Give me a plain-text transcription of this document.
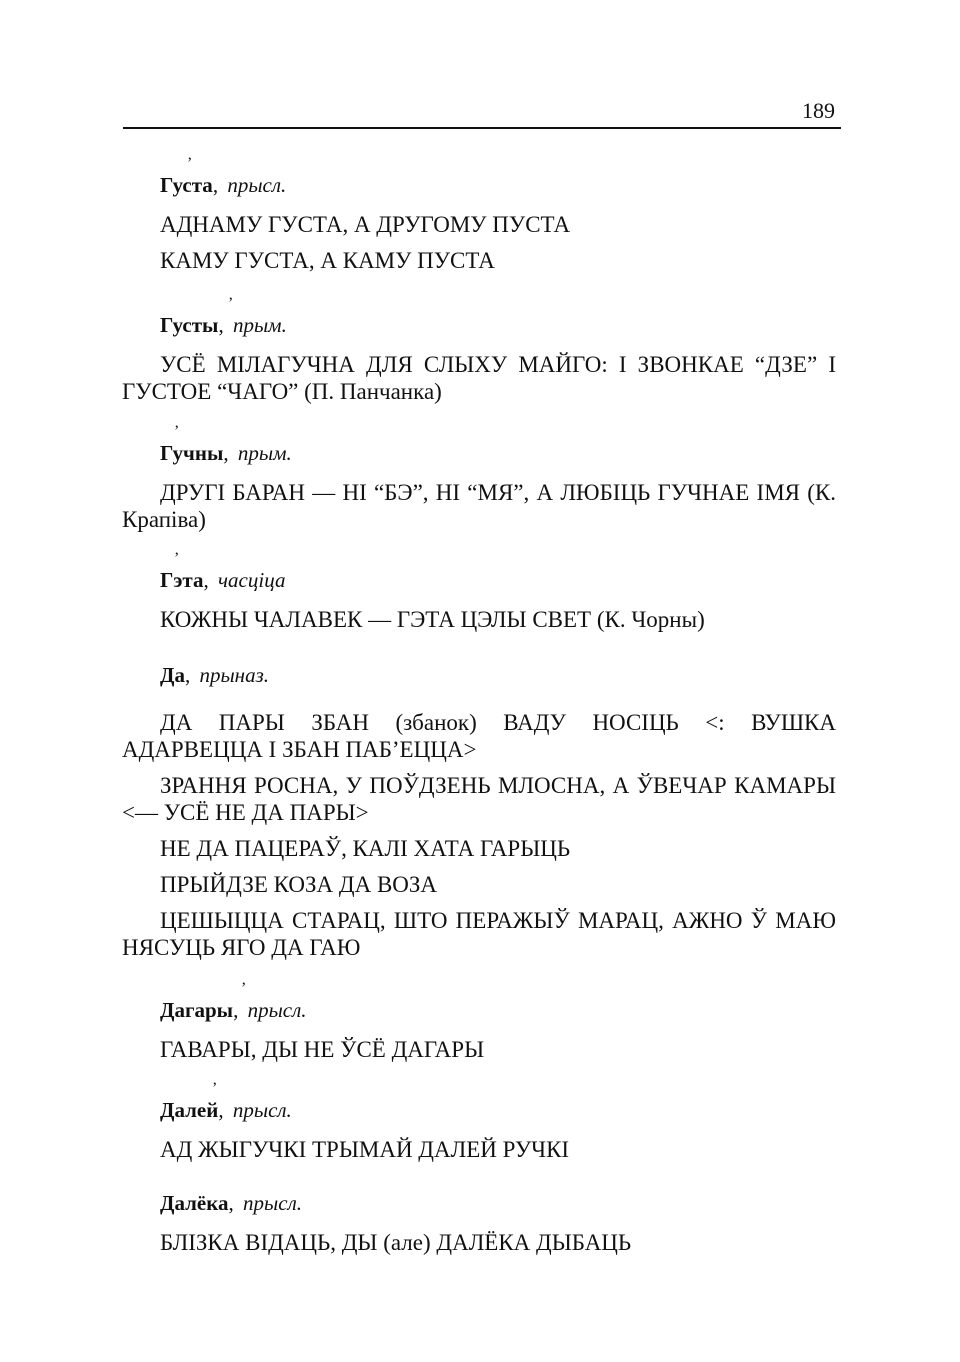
189

ʼ
Густа, прысл.

АДНАМУ ГУСТА, А ДРУГОМУ ПУСТА

КАМУ ГУСТА, А КАМУ ПУСТА

ʼ
Густы, прым.

УСЁ МІЛАГУЧНА ДЛЯ СЛЫХУ МАЙГО: І ЗВОНКАЕ “ДЗЕ” І ГУСТОЕ “ЧАГО” (П. Панчанка)

ʼ
Гучны, прым.

ДРУГІ БАРАН — НІ “БЭ”, НІ “МЯ”, А ЛЮБІЦЬ ГУЧНАЕ ІМЯ (К. Крапіва)

ʼ
Гэта, часціца

КОЖНЫ ЧАЛАВЕК — ГЭТА ЦЭЛЫ СВЕТ (К. Чорны)

Да, прыназ.

ДА ПАРЫ ЗБАН (збанок) ВАДУ НОСІЦЬ <: ВУШКА АДАРВЕЦЦА І ЗБАН ПАБ’ЕЦЦА>

ЗРАННЯ РОСНА, У ПОЎДЗЕНЬ МЛОСНА, А ЎВЕЧАР КАМАРЫ <— УСЁ НЕ ДА ПАРЫ>

НЕ ДА ПАЦЕРАЎ, КАЛІ ХАТА ГАРЫЦЬ

ПРЫЙДЗЕ КОЗА ДА ВОЗА

ЦЕШЫЦЦА СТАРАЦ, ШТО ПЕРАЖЫЎ МАРАЦ, АЖНО Ў МАЮ НЯСУЦЬ ЯГО ДА ГАЮ

ʼ
Дагары, прысл.

ГАВАРЫ, ДЫ НЕ ЎСЁ ДАГАРЫ

ʼ
Далей, прысл.

АД ЖЫГУЧКІ ТРЫМАЙ ДАЛЕЙ РУЧКІ

Далёка, прысл.

БЛІЗКА ВІДАЦЬ, ДЫ (але) ДАЛЁКА ДЫБАЦЬ
